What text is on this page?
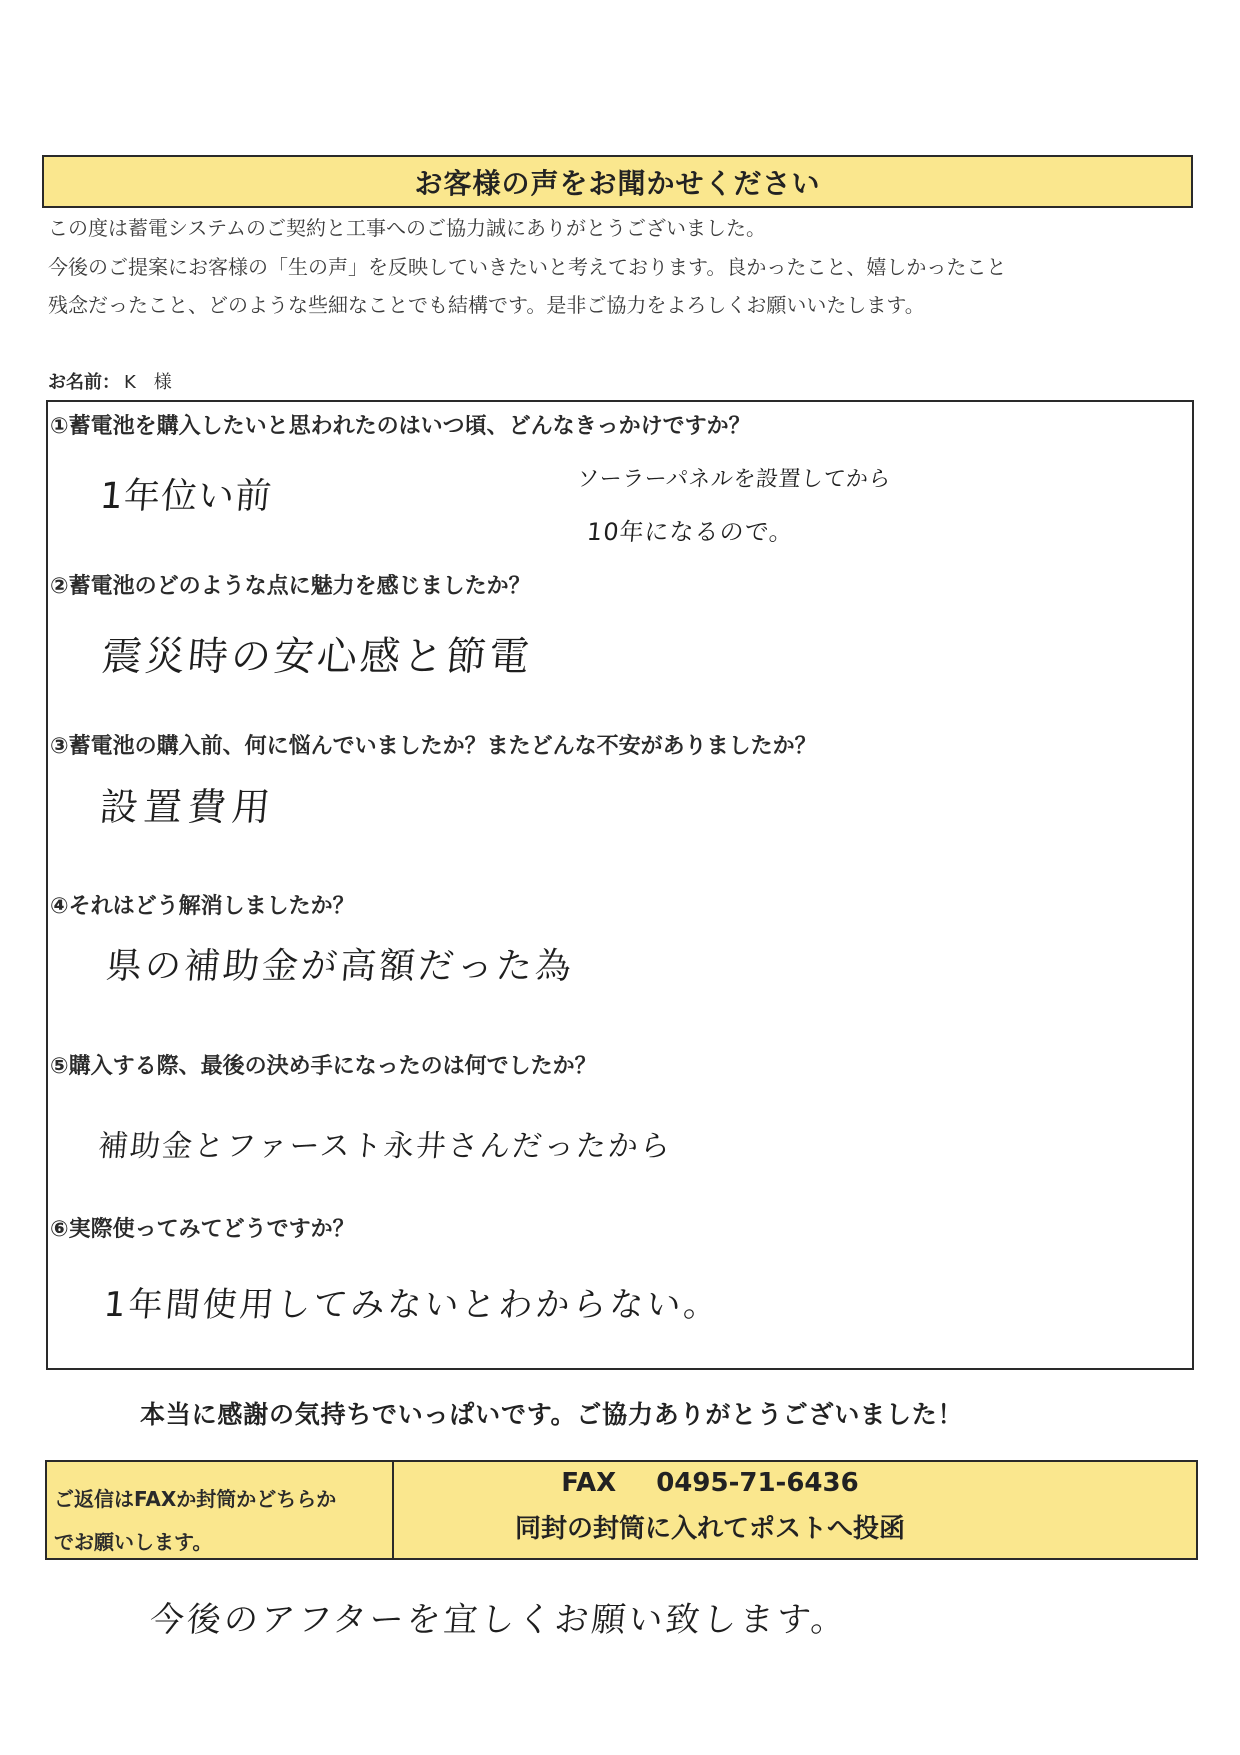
お客様の声をお聞かせください
この度は蓄電システムのご契約と工事へのご協力誠にありがとうございました。
今後のご提案にお客様の「生の声」を反映していきたいと考えております。良かったこと、嬉しかったこと
残念だったこと、どのような些細なことでも結構です。是非ご協力をよろしくお願いいたします。
お名前： K　様
①蓄電池を購入したいと思われたのはいつ頃、どんなきっかけですか？
1年位い前	ソーラーパネルを設置してから
10年になるので。
②蓄電池のどのような点に魅力を感じましたか？
震災時の安心感と節電
③蓄電池の購入前、何に悩んでいましたか？またどんな不安がありましたか？
設置費用
④それはどう解消しましたか？
県の補助金が高額だった為
⑤購入する際、最後の決め手になったのは何でしたか？
補助金とファースト永井さんだったから
⑥実際使ってみてどうですか？
1年間使用してみないとわからない。
本当に感謝の気持ちでいっぱいです。ご協力ありがとうございました！
ご返信はFAXか封筒かどちらか
でお願いします。
FAX 0495-71-6436
同封の封筒に入れてポストへ投函
今後のアフターを宜しくお願い致します。
